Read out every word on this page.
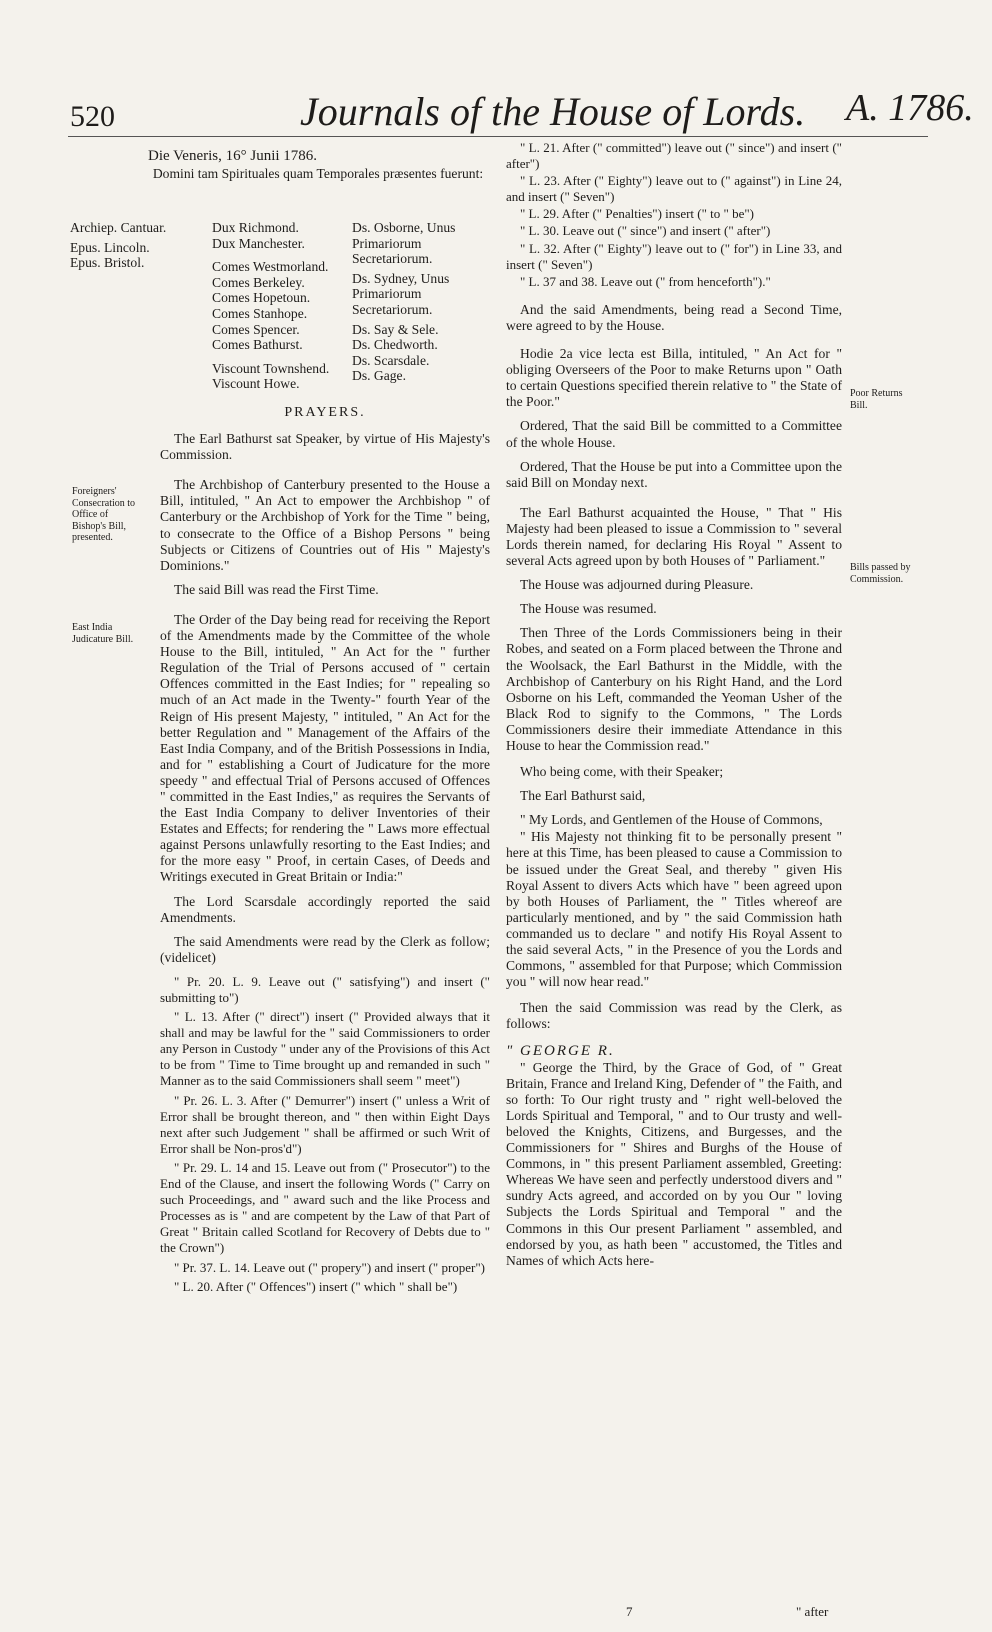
520	Journals of the House of Lords. A. 1786.

Die Veneris, 16° Junii 1786.

Domini tam Spirituales quam Temporales præsentes fuerunt:

Archiep. Cantuar.

Epus. Lincoln.

Epus. Bristol.

Dux Richmond.

Dux Manchester.

Comes Westmorland.

Comes Berkeley.

Comes Hopetoun.

Comes Stanhope.

Comes Spencer.

Comes Bathurst.

Viscount Townshend.

Viscount Howe.

Ds. Osborne, Unus Primariorum Secretariorum.

Ds. Sydney, Unus Primariorum Secretariorum.

Ds. Say & Sele.

Ds. Chedworth.

Ds. Scarsdale.

Ds. Gage.

Foreigners' Consecration to Office of Bishop's Bill, presented.
East India Judicature Bill.

PRAYERS.

The Earl Bathurst sat Speaker, by virtue of His Majesty's Commission.

The Archbishop of Canterbury presented to the House a Bill, intituled, " An Act to empower the Archbishop " of Canterbury or the Archbishop of York for the Time " being, to consecrate to the Office of a Bishop Persons " being Subjects or Citizens of Countries out of His " Majesty's Dominions."

The said Bill was read the First Time.

The Order of the Day being read for receiving the Report of the Amendments made by the Committee of the whole House to the Bill, intituled, " An Act for the " further Regulation of the Trial of Persons accused of " certain Offences committed in the East Indies; for " repealing so much of an Act made in the Twenty-" fourth Year of the Reign of His present Majesty, " intituled, " An Act for the better Regulation and " Management of the Affairs of the East India Company, and of the British Possessions in India, and for " establishing a Court of Judicature for the more speedy " and effectual Trial of Persons accused of Offences " committed in the East Indies," as requires the Servants of the East India Company to deliver Inventories of their Estates and Effects; for rendering the " Laws more effectual against Persons unlawfully resorting to the East Indies; and for the more easy " Proof, in certain Cases, of Deeds and Writings executed in Great Britain or India:"

The Lord Scarsdale accordingly reported the said Amendments.

The said Amendments were read by the Clerk as follow; (videlicet)

" Pr. 20. L. 9. Leave out (" satisfying") and insert (" submitting to")

" L. 13. After (" direct") insert (" Provided always that it shall and may be lawful for the " said Commissioners to order any Person in Custody " under any of the Provisions of this Act to be from " Time to Time brought up and remanded in such " Manner as to the said Commissioners shall seem " meet")

" Pr. 26. L. 3. After (" Demurrer") insert (" unless a Writ of Error shall be brought thereon, and " then within Eight Days next after such Judgement " shall be affirmed or such Writ of Error shall be Non-pros'd")

" Pr. 29. L. 14 and 15. Leave out from (" Prosecutor") to the End of the Clause, and insert the following Words (" Carry on such Proceedings, and " award such and the like Process and Processes as is " and are competent by the Law of that Part of Great " Britain called Scotland for Recovery of Debts due to " the Crown")

" Pr. 37. L. 14. Leave out (" propery") and insert (" proper")

" L. 20. After (" Offences") insert (" which " shall be")

Poor Returns Bill.
Bills passed by Commission.

" L. 21. After (" committed") leave out (" since") and insert (" after")

" L. 23. After (" Eighty") leave out to (" against") in Line 24, and insert (" Seven")

" L. 29. After (" Penalties") insert (" to " be")

" L. 30. Leave out (" since") and insert (" after")

" L. 32. After (" Eighty") leave out to (" for") in Line 33, and insert (" Seven")

" L. 37 and 38. Leave out (" from henceforth")."

And the said Amendments, being read a Second Time, were agreed to by the House.

Hodie 2a vice lecta est Billa, intituled, " An Act for " obliging Overseers of the Poor to make Returns upon " Oath to certain Questions specified therein relative to " the State of the Poor."

Ordered, That the said Bill be committed to a Committee of the whole House.

Ordered, That the House be put into a Committee upon the said Bill on Monday next.

The Earl Bathurst acquainted the House, " That " His Majesty had been pleased to issue a Commission to " several Lords therein named, for declaring His Royal " Assent to several Acts agreed upon by both Houses of " Parliament."

The House was adjourned during Pleasure.

The House was resumed.

Then Three of the Lords Commissioners being in their Robes, and seated on a Form placed between the Throne and the Woolsack, the Earl Bathurst in the Middle, with the Archbishop of Canterbury on his Right Hand, and the Lord Osborne on his Left, commanded the Yeoman Usher of the Black Rod to signify to the Commons, " The Lords Commissioners desire their immediate Attendance in this House to hear the Commission read."

Who being come, with their Speaker;

The Earl Bathurst said,

" My Lords, and Gentlemen of the House of Commons,

" His Majesty not thinking fit to be personally present " here at this Time, has been pleased to cause a Commission to be issued under the Great Seal, and thereby " given His Royal Assent to divers Acts which have " been agreed upon by both Houses of Parliament, the " Titles whereof are particularly mentioned, and by " the said Commission hath commanded us to declare " and notify His Royal Assent to the said several Acts, " in the Presence of you the Lords and Commons, " assembled for that Purpose; which Commission you " will now hear read."

Then the said Commission was read by the Clerk, as follows:

" GEORGE R.

" George the Third, by the Grace of God, of " Great Britain, France and Ireland King, Defender of " the Faith, and so forth: To Our right trusty and " right well-beloved the Lords Spiritual and Temporal, " and to Our trusty and well-beloved the Knights, Citizens, and Burgesses, and the Commissioners for " Shires and Burghs of the House of Commons, in " this present Parliament assembled, Greeting: Whereas We have seen and perfectly understood divers and " sundry Acts agreed, and accorded on by you Our " loving Subjects the Lords Spiritual and Temporal " and the Commons in this Our present Parliament " assembled, and endorsed by you, as hath been " accustomed, the Titles and Names of which Acts here-

7	" after
